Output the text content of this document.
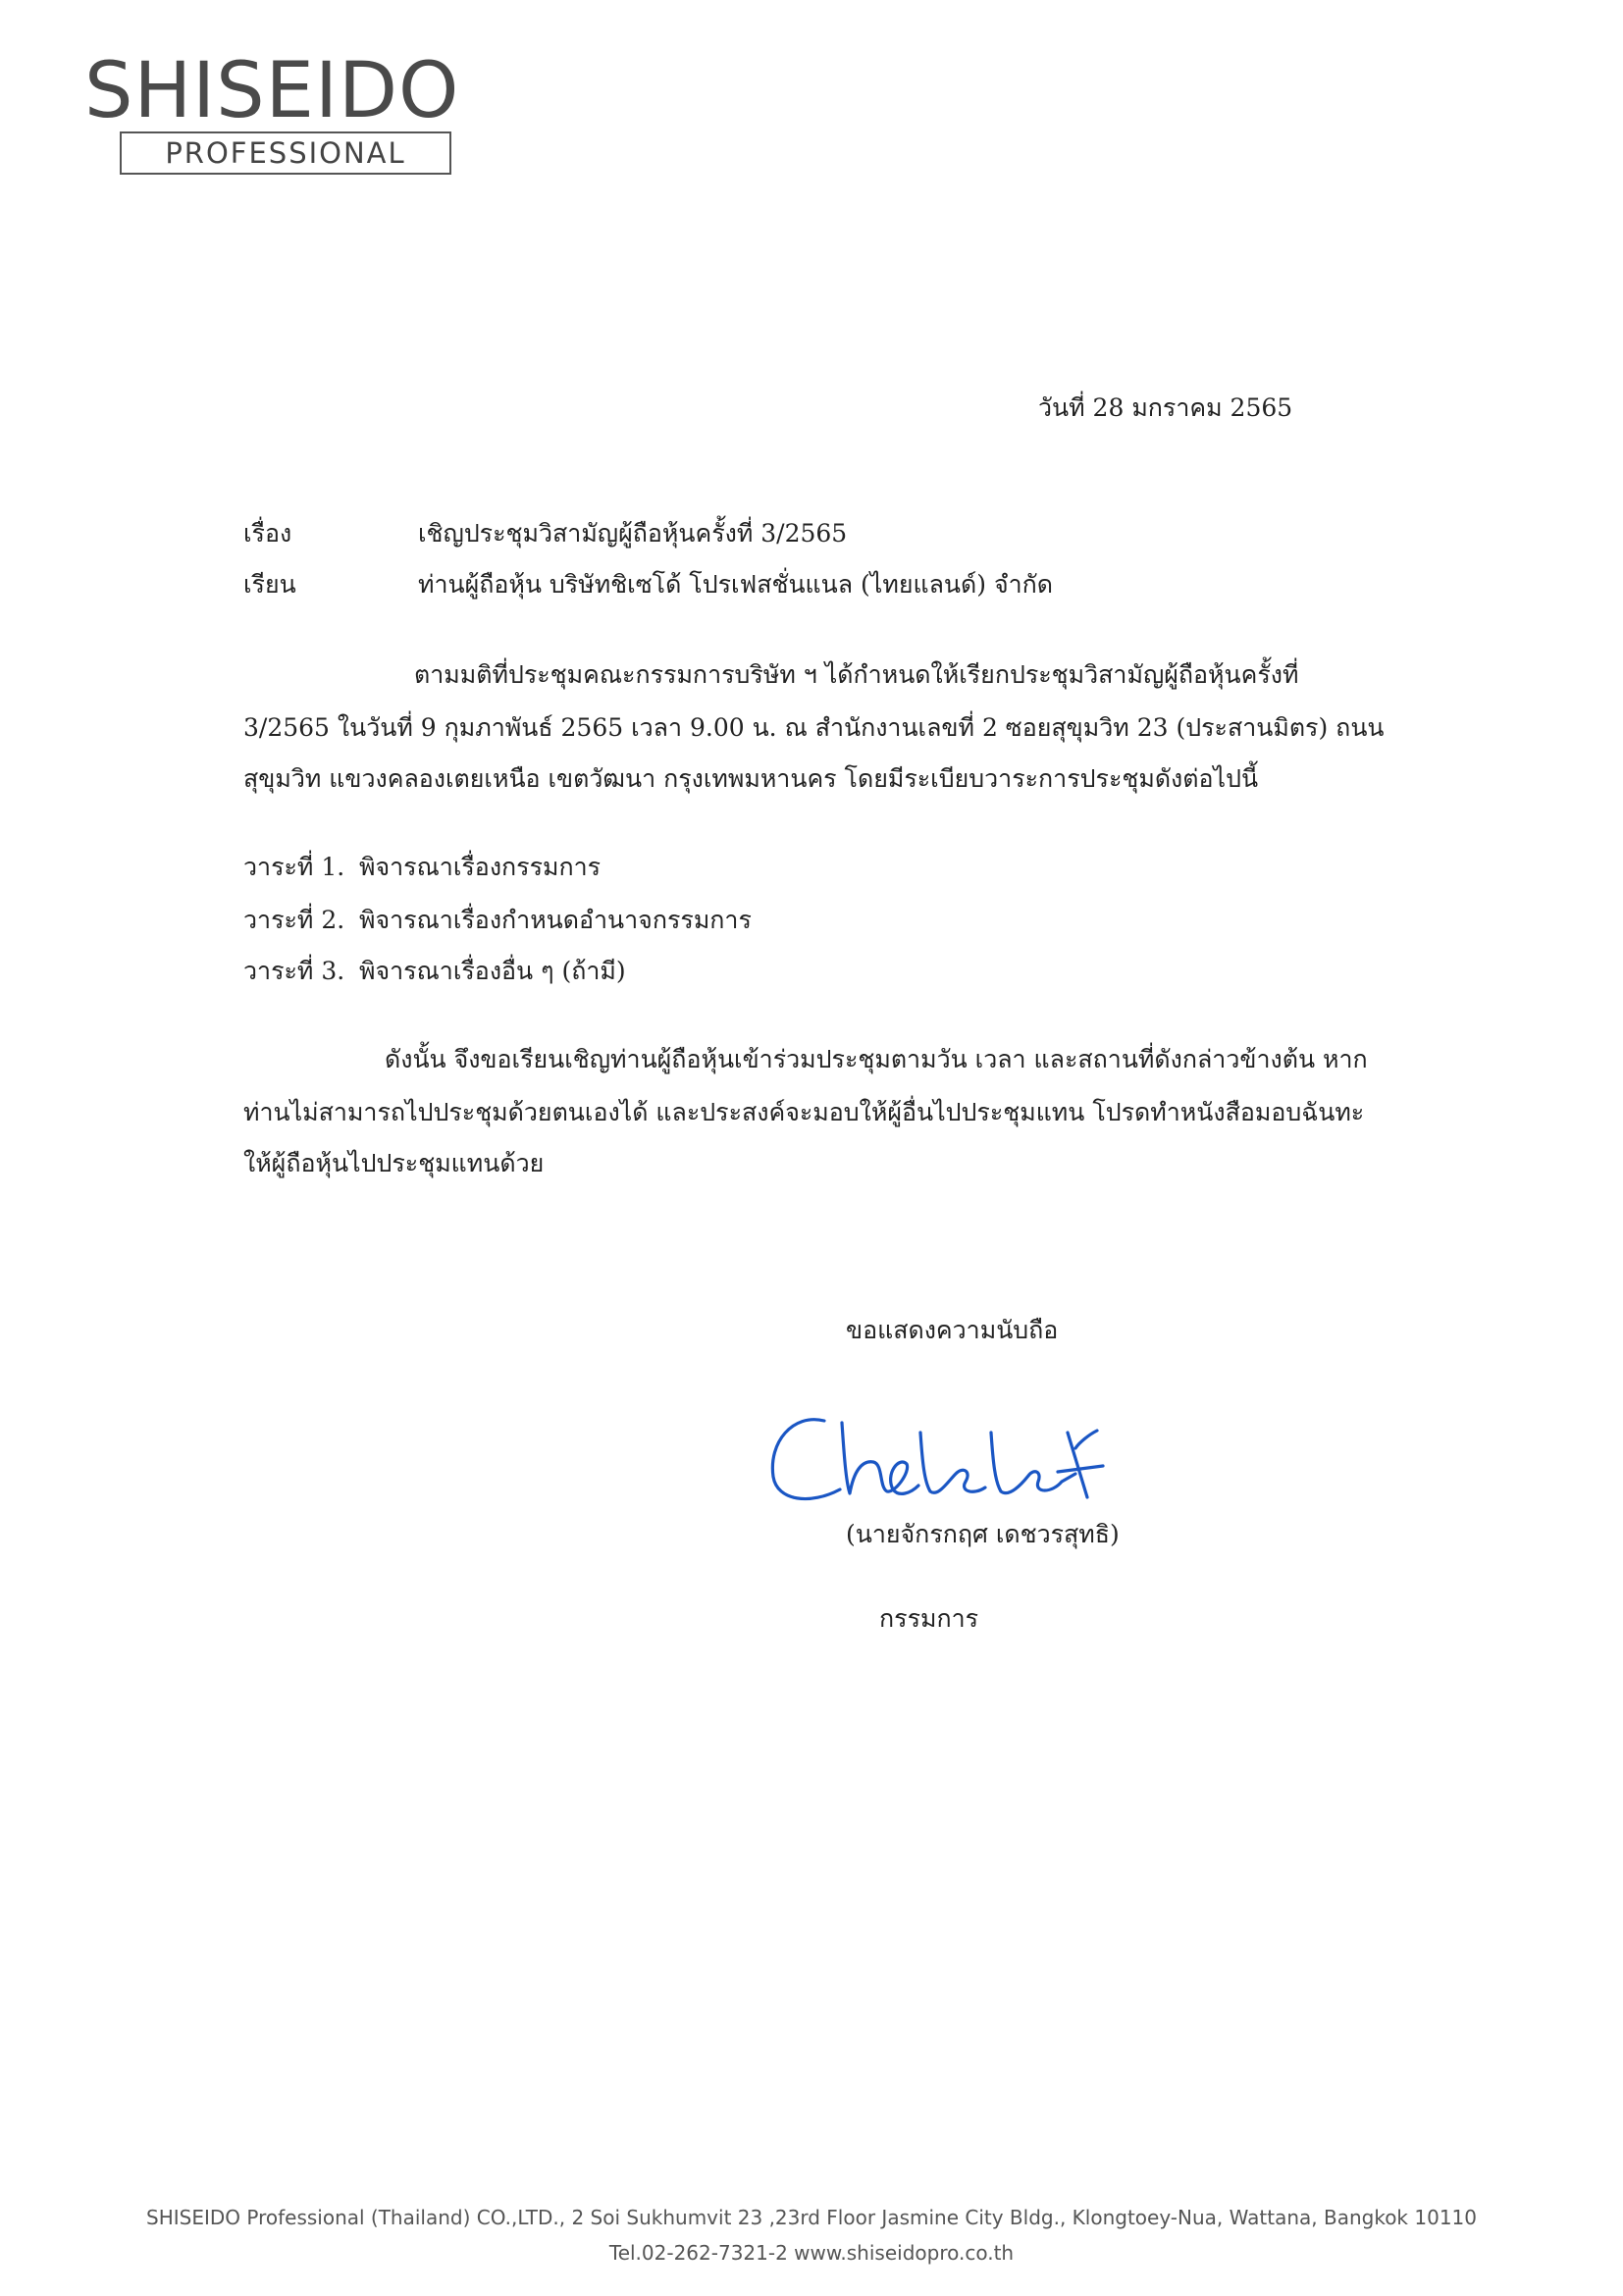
SHISEIDO
PROFESSIONAL
วันที่ 28 มกราคม 2565
เรื่อง	เชิญประชุมวิสามัญผู้ถือหุ้นครั้งที่ 3/2565
เรียน	ท่านผู้ถือหุ้น บริษัทชิเซโด้ โปรเฟสชั่นแนล (ไทยแลนด์) จำกัด
ตามมติที่ประชุมคณะกรรมการบริษัท ฯ ได้กำหนดให้เรียกประชุมวิสามัญผู้ถือหุ้นครั้งที่
3/2565 ในวันที่ 9 กุมภาพันธ์ 2565 เวลา 9.00 น. ณ สำนักงานเลขที่ 2 ซอยสุขุมวิท 23 (ประสานมิตร) ถนน
สุขุมวิท แขวงคลองเตยเหนือ เขตวัฒนา กรุงเทพมหานคร โดยมีระเบียบวาระการประชุมดังต่อไปนี้
วาระที่ 1. พิจารณาเรื่องกรรมการ
วาระที่ 2. พิจารณาเรื่องกำหนดอำนาจกรรมการ
วาระที่ 3. พิจารณาเรื่องอื่น ๆ (ถ้ามี)
ดังนั้น จึงขอเรียนเชิญท่านผู้ถือหุ้นเข้าร่วมประชุมตามวัน เวลา และสถานที่ดังกล่าวข้างต้น หาก
ท่านไม่สามารถไปประชุมด้วยตนเองได้ และประสงค์จะมอบให้ผู้อื่นไปประชุมแทน โปรดทำหนังสือมอบฉันทะ
ให้ผู้ถือหุ้นไปประชุมแทนด้วย
ขอแสดงความนับถือ
(นายจักรกฤศ เดชวรสุทธิ)
กรรมการ
SHISEIDO Professional (Thailand) CO.,LTD., 2 Soi Sukhumvit 23 ,23rd Floor Jasmine City Bldg., Klongtoey-Nua, Wattana, Bangkok 10110
Tel.02-262-7321-2 www.shiseidopro.co.th
